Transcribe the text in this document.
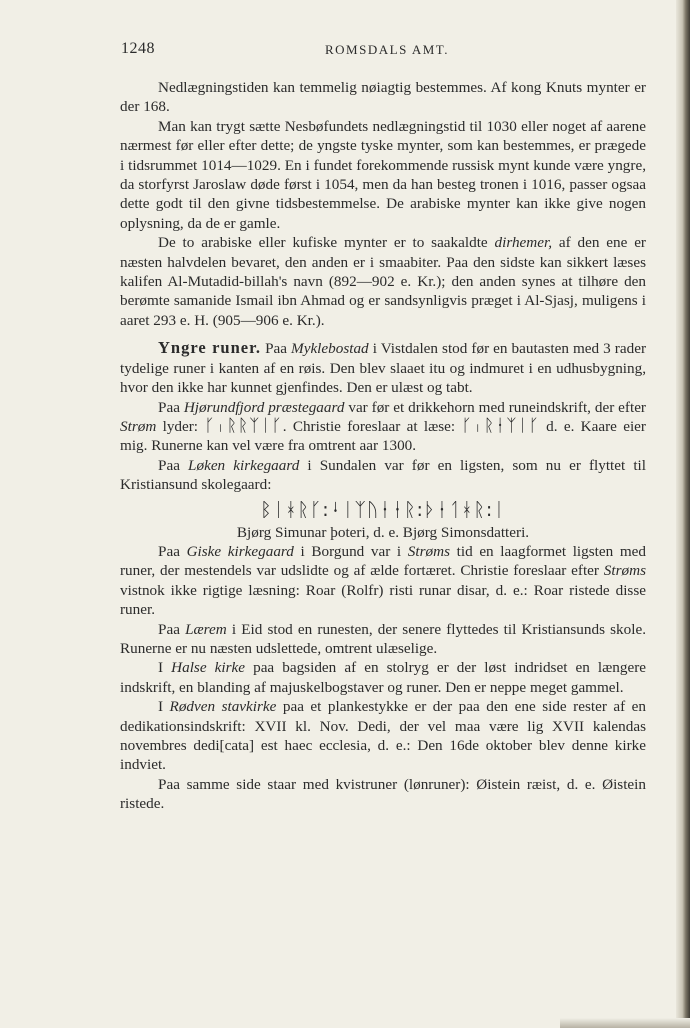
1248	ROMSDALS AMT.

Nedlægningstiden kan temmelig nøiagtig bestemmes. Af kong Knuts mynter er der 168.

Man kan trygt sætte Nesbøfundets nedlægningstid til 1030 eller noget af aarene nærmest før eller efter dette; de yngste tyske mynter, som kan bestemmes, er prægede i tidsrummet 1014—1029. En i fundet forekommende russisk mynt kunde være yngre, da storfyrst Jaroslaw døde først i 1054, men da han besteg tronen i 1016, passer ogsaa dette godt til den givne tidsbestemmelse. De arabiske mynter kan ikke give nogen oplysning, da de er gamle.

De to arabiske eller kufiske mynter er to saakaldte dirhemer, af den ene er næsten halvdelen bevaret, den anden er i smaabiter. Paa den sidste kan sikkert læses kalifen Al-Mutadid-billah's navn (892—902 e. Kr.); den anden synes at tilhøre den berømte samanide Ismail ibn Ahmad og er sandsynligvis præget i Al-Sjasj, muligens i aaret 293 e. H. (905—906 e. Kr.).

Yngre runer. Paa Myklebostad i Vistdalen stod før en bautasten med 3 rader tydelige runer i kanten af en røis. Den blev slaaet itu og indmuret i en udhusbygning, hvor den ikke har kunnet gjenfindes. Den er ulæst og tabt.

Paa Hjørundfjord præstegaard var før et drikkehorn med runeindskrift, der efter Strøm lyder: ᚴᛧᚱᚱᛉᛁᚴ. Christie foreslaar at læse: ᚴᛧᚱᚽᛉᛁᚴ d. e. Kaare eier mig. Runerne kan vel være fra omtrent aar 1300.

Paa Løken kirkegaard i Sundalen var før en ligsten, som nu er flyttet til Kristiansund skolegaard:

ᛒᛁᚼᚱᚴ:ᛍᛁᛉᚢᚽᚽᚱ:ᚦᚽᛐᚼᚱ:ᛁ

Bjørg Simunar þoteri, d. e. Bjørg Simonsdatteri.

Paa Giske kirkegaard i Borgund var i Strøms tid en laagformet ligsten med runer, der mestendels var udslidte og af ælde fortæret. Christie foreslaar efter Strøms vistnok ikke rigtige læsning: Roar (Rolfr) risti runar disar, d. e.: Roar ristede disse runer.

Paa Lærem i Eid stod en runesten, der senere flyttedes til Kristiansunds skole. Runerne er nu næsten udslettede, omtrent ulæselige.

I Halse kirke paa bagsiden af en stolryg er der løst indridset en længere indskrift, en blanding af majuskelbogstaver og runer. Den er neppe meget gammel.

I Rødven stavkirke paa et plankestykke er der paa den ene side rester af en dedikationsindskrift: XVII kl. Nov. Dedi, der vel maa være lig XVII kalendas novembres dedi[cata] est haec ecclesia, d. e.: Den 16de oktober blev denne kirke indviet.

Paa samme side staar med kvistruner (lønruner): Øistein ræist, d. e. Øistein ristede.
